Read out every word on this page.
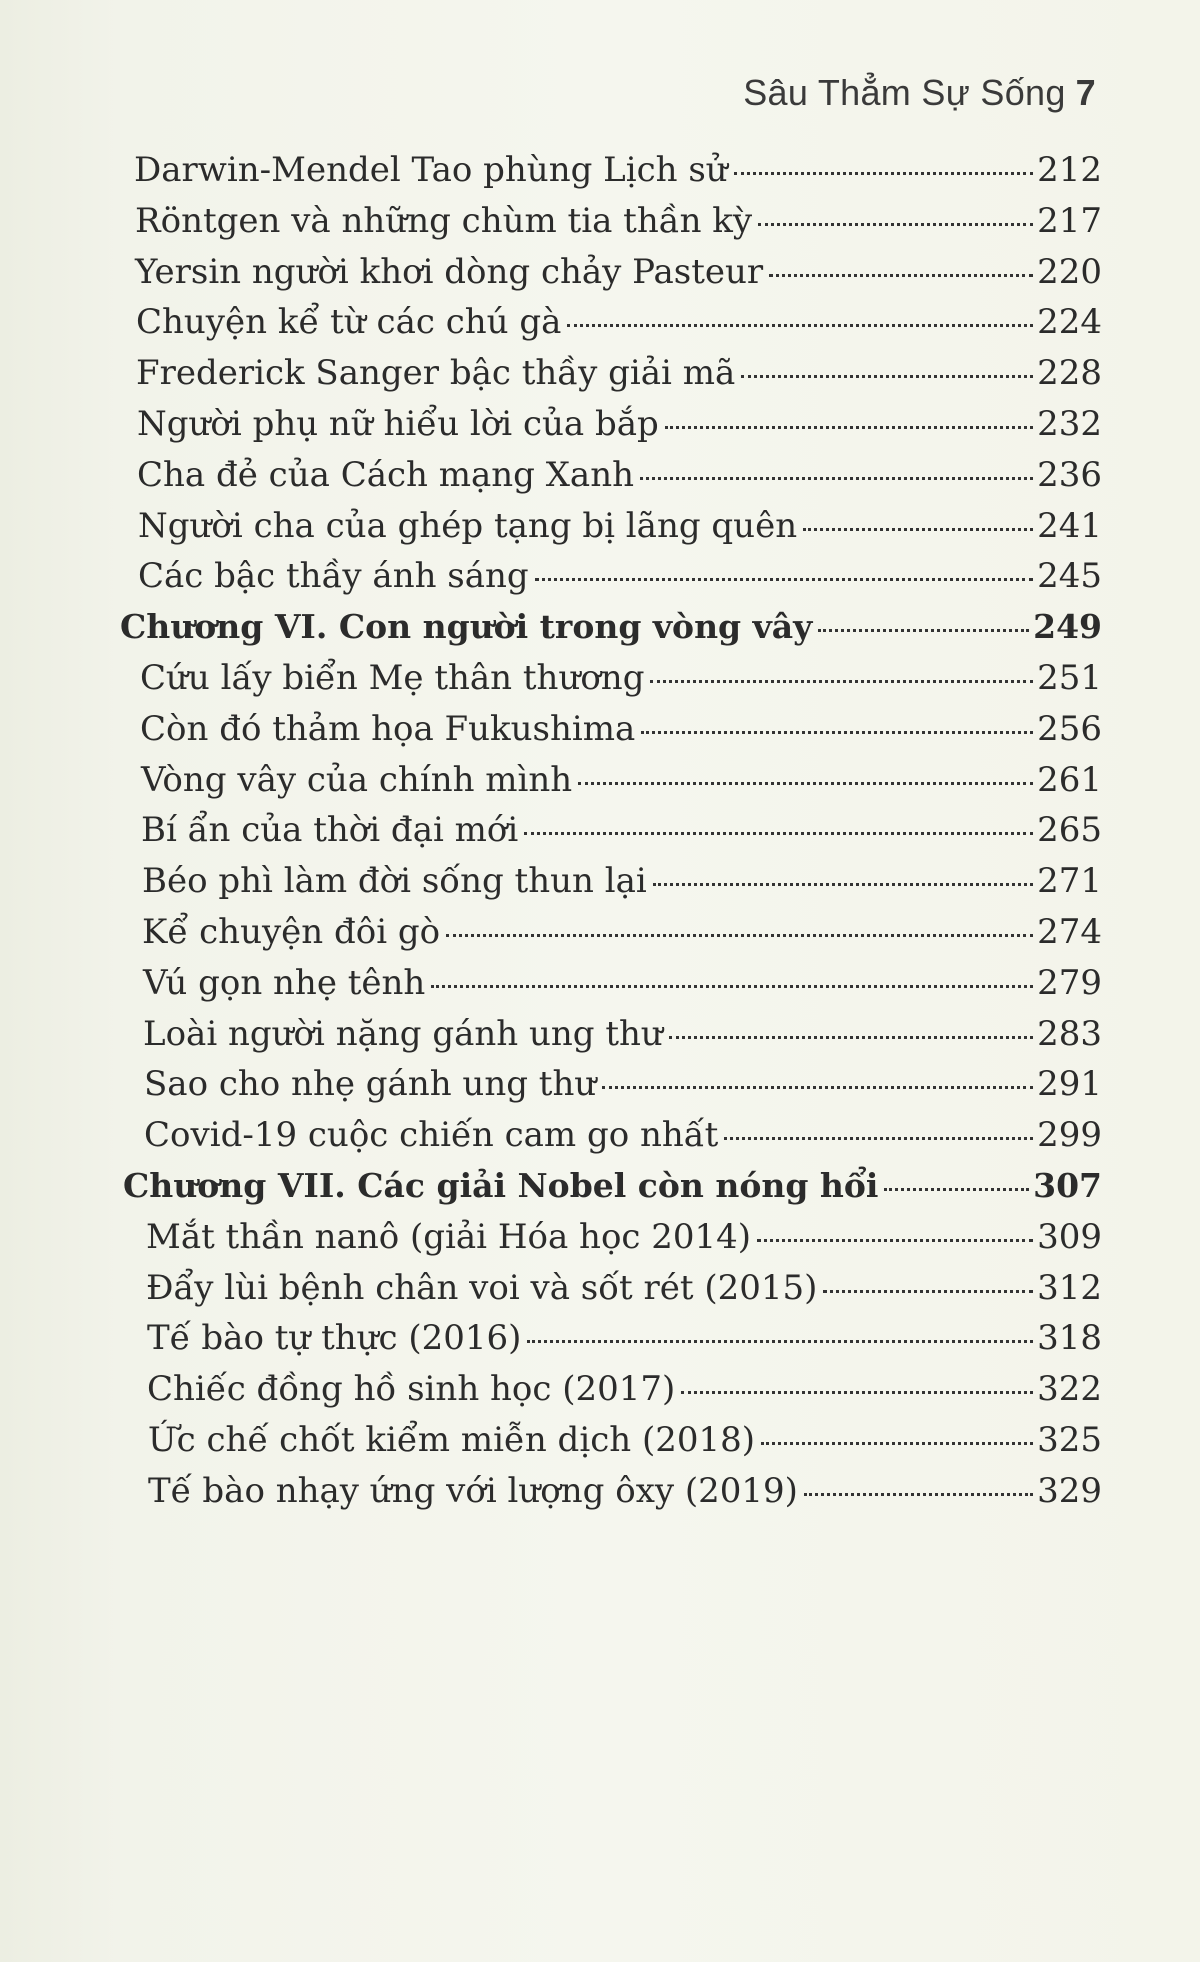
Sâu Thẳm Sự Sống 7
Darwin-Mendel Tao phùng Lịch sử	212
Röntgen và những chùm tia thần kỳ	217
Yersin người khơi dòng chảy Pasteur	220
Chuyện kể từ các chú gà	224
Frederick Sanger bậc thầy giải mã	228
Người phụ nữ hiểu lời của bắp	232
Cha đẻ của Cách mạng Xanh	236
Người cha của ghép tạng bị lãng quên	241
Các bậc thầy ánh sáng	245
Chương VI. Con người trong vòng vây	249
Cứu lấy biển Mẹ thân thương	251
Còn đó thảm họa Fukushima	256
Vòng vây của chính mình	261
Bí ẩn của thời đại mới	265
Béo phì làm đời sống thun lại	271
Kể chuyện đôi gò	274
Vú gọn nhẹ tênh	279
Loài người nặng gánh ung thư	283
Sao cho nhẹ gánh ung thư	291
Covid-19 cuộc chiến cam go nhất	299
Chương VII. Các giải Nobel còn nóng hổi	307
Mắt thần nanô (giải Hóa học 2014)	309
Đẩy lùi bệnh chân voi và sốt rét (2015)	312
Tế bào tự thực (2016)	318
Chiếc đồng hồ sinh học (2017)	322
Ức chế chốt kiểm miễn dịch (2018)	325
Tế bào nhạy ứng với lượng ôxy (2019)	329
